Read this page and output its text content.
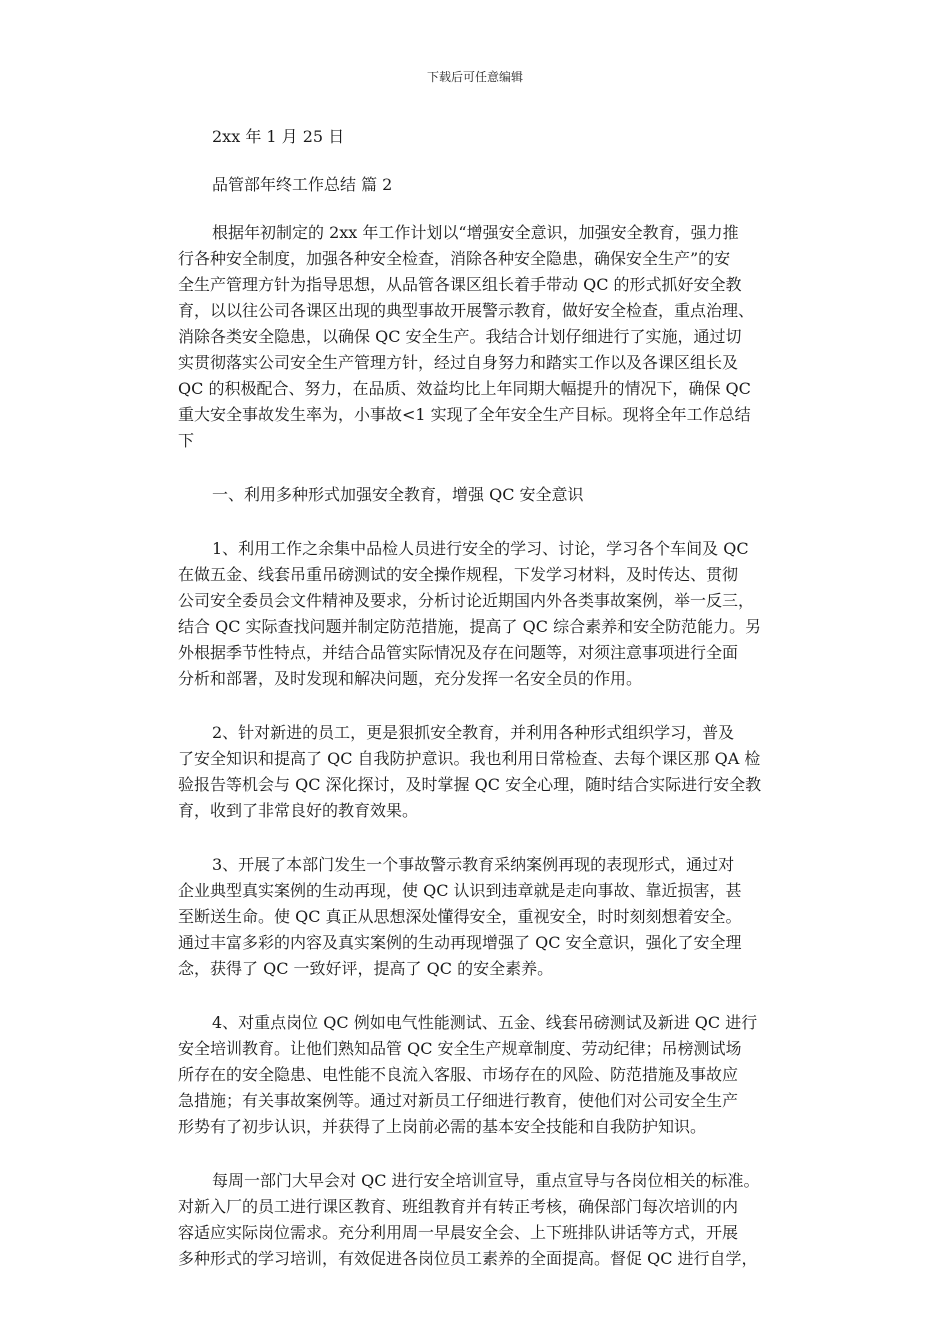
下载后可任意编辑
2xx 年 1 月 25 日
品管部年终工作总结 篇 2
根据年初制定的 2xx 年工作计划以“增强安全意识，加强安全教育，强力推
行各种安全制度，加强各种安全检查，消除各种安全隐患，确保安全生产”的安
全生产管理方针为指导思想，从品管各课区组长着手带动 QC 的形式抓好安全教
育，以以往公司各课区出现的典型事故开展警示教育，做好安全检查，重点治理、
消除各类安全隐患，以确保 QC 安全生产。我结合计划仔细进行了实施，通过切
实贯彻落实公司安全生产管理方针，经过自身努力和踏实工作以及各课区组长及
QC 的积极配合、努力，在品质、效益均比上年同期大幅提升的情况下，确保 QC
重大安全事故发生率为，小事故<1 实现了全年安全生产目标。现将全年工作总结
下
一、利用多种形式加强安全教育，增强 QC 安全意识
1、利用工作之余集中品检人员进行安全的学习、讨论，学习各个车间及 QC
在做五金、线套吊重吊磅测试的安全操作规程，下发学习材料，及时传达、贯彻
公司安全委员会文件精神及要求，分析讨论近期国内外各类事故案例，举一反三，
结合 QC 实际查找问题并制定防范措施，提高了 QC 综合素养和安全防范能力。另
外根据季节性特点，并结合品管实际情况及存在问题等，对须注意事项进行全面
分析和部署，及时发现和解决问题，充分发挥一名安全员的作用。
2、针对新进的员工，更是狠抓安全教育，并利用各种形式组织学习，普及
了安全知识和提高了 QC 自我防护意识。我也利用日常检查、去每个课区那 QA 检
验报告等机会与 QC 深化探讨，及时掌握 QC 安全心理，随时结合实际进行安全教
育，收到了非常良好的教育效果。
3、开展了本部门发生一个事故警示教育采纳案例再现的表现形式，通过对
企业典型真实案例的生动再现，使 QC 认识到违章就是走向事故、靠近损害，甚
至断送生命。使 QC 真正从思想深处懂得安全，重视安全，时时刻刻想着安全。
通过丰富多彩的内容及真实案例的生动再现增强了 QC 安全意识，强化了安全理
念，获得了 QC 一致好评，提高了 QC 的安全素养。
4、对重点岗位 QC 例如电气性能测试、五金、线套吊磅测试及新进 QC 进行
安全培训教育。让他们熟知品管 QC 安全生产规章制度、劳动纪律；吊榜测试场
所存在的安全隐患、电性能不良流入客服、市场存在的风险、防范措施及事故应
急措施；有关事故案例等。通过对新员工仔细进行教育，使他们对公司安全生产
形势有了初步认识，并获得了上岗前必需的基本安全技能和自我防护知识。
每周一部门大早会对 QC 进行安全培训宣导，重点宣导与各岗位相关的标准。
对新入厂的员工进行课区教育、班组教育并有转正考核，确保部门每次培训的内
容适应实际岗位需求。充分利用周一早晨安全会、上下班排队讲话等方式，开展
多种形式的学习培训，有效促进各岗位员工素养的全面提高。督促 QC 进行自学，
